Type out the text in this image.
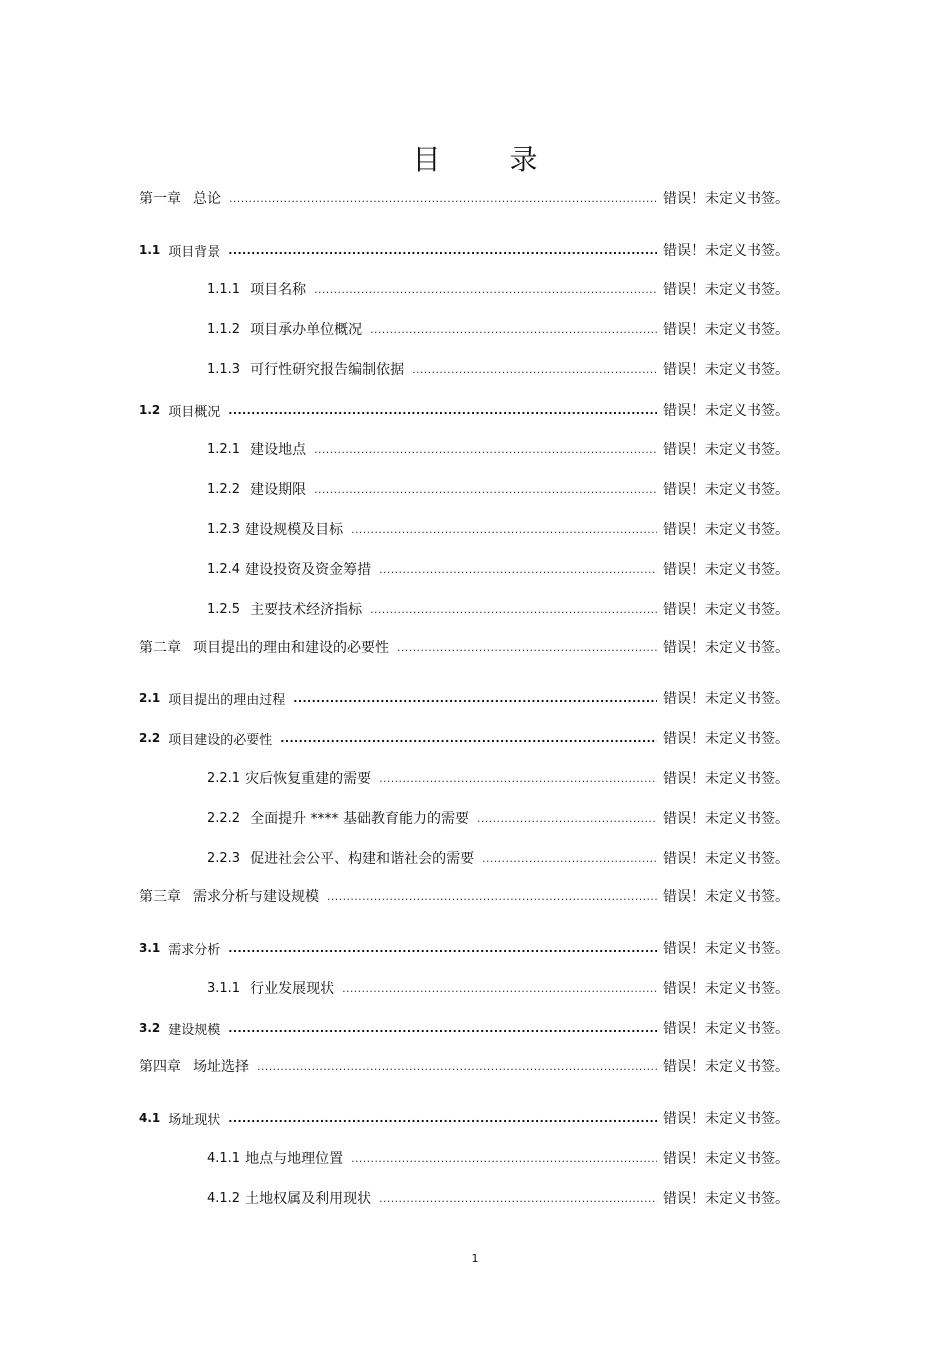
目 录
第一章 总论 .....	错误！未定义书签。
1.1 项目背景 .....	错误！未定义书签。
1.1.1 项目名称 .....	错误！未定义书签。
1.1.2 项目承办单位概况 .....	错误！未定义书签。
1.1.3 可行性研究报告编制依据 .....	错误！未定义书签。
1.2 项目概况 .....	错误！未定义书签。
1.2.1 建设地点 .....	错误！未定义书签。
1.2.2 建设期限 .....	错误！未定义书签。
1.2.3 建设规模及目标 .....	错误！未定义书签。
1.2.4 建设投资及资金筹措 .....	错误！未定义书签。
1.2.5 主要技术经济指标 .....	错误！未定义书签。
第二章 项目提出的理由和建设的必要性 .....	错误！未定义书签。
2.1 项目提出的理由过程 .....	错误！未定义书签。
2.2 项目建设的必要性 .....	错误！未定义书签。
2.2.1 灾后恢复重建的需要 .....	错误！未定义书签。
2.2.2 全面提升 **** 基础教育能力的需要 .....	错误！未定义书签。
2.2.3 促进社会公平、构建和谐社会的需要 .....	错误！未定义书签。
第三章 需求分析与建设规模 .....	错误！未定义书签。
3.1 需求分析 .....	错误！未定义书签。
3.1.1 行业发展现状 .....	错误！未定义书签。
3.2 建设规模 .....	错误！未定义书签。
第四章 场址选择 .....	错误！未定义书签。
4.1 场址现状 .....	错误！未定义书签。
4.1.1 地点与地理位置 .....	错误！未定义书签。
4.1.2 土地权属及利用现状 .....	错误！未定义书签。
1
